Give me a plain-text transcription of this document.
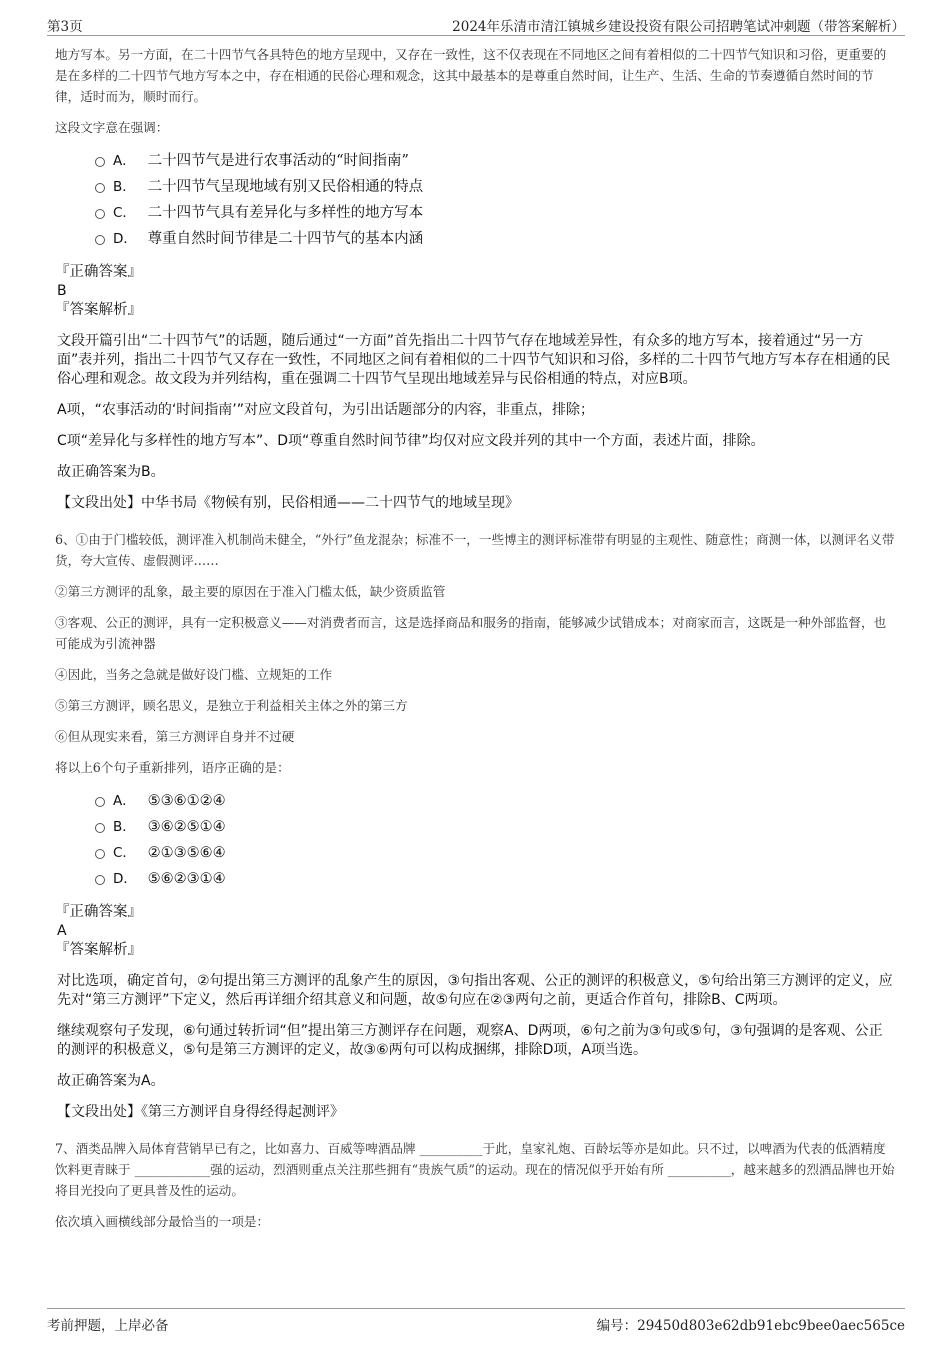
第3页	2024年乐清市清江镇城乡建设投资有限公司招聘笔试冲刺题（带答案解析）

地方写本。另一方面，在二十四节气各具特色的地方呈现中，又存在一致性，这不仅表现在不同地区之间有着相似的二十四节气知识和习俗，更重要的是在多样的二十四节气地方写本之中，存在相通的民俗心理和观念，这其中最基本的是尊重自然时间，让生产、生活、生命的节奏遵循自然时间的节律，适时而为，顺时而行。

这段文字意在强调：

A． 二十四节气是进行农事活动的“时间指南”
B． 二十四节气呈现地域有别又民俗相通的特点
C． 二十四节气具有差异化与多样性的地方写本
D． 尊重自然时间节律是二十四节气的基本内涵

『正确答案』

B

『答案解析』

文段开篇引出“二十四节气”的话题，随后通过“一方面”首先指出二十四节气存在地域差异性，有众多的地方写本，接着通过“另一方面”表并列，指出二十四节气又存在一致性，不同地区之间有着相似的二十四节气知识和习俗，多样的二十四节气地方写本存在相通的民俗心理和观念。故文段为并列结构，重在强调二十四节气呈现出地域差异与民俗相通的特点，对应B项。

A项，“农事活动的‘时间指南’”对应文段首句，为引出话题部分的内容，非重点，排除；

C项“差异化与多样性的地方写本”、D项“尊重自然时间节律”均仅对应文段并列的其中一个方面，表述片面，排除。

故正确答案为B。

【文段出处】中华书局《物候有别，民俗相通——二十四节气的地域呈现》

6、①由于门槛较低，测评准入机制尚未健全，“外行”鱼龙混杂；标准不一，一些博主的测评标准带有明显的主观性、随意性；商测一体，以测评名义带货，夸大宣传、虚假测评……

②第三方测评的乱象，最主要的原因在于准入门槛太低，缺少资质监管

③客观、公正的测评，具有一定积极意义——对消费者而言，这是选择商品和服务的指南，能够减少试错成本；对商家而言，这既是一种外部监督，也可能成为引流神器

④因此，当务之急就是做好设门槛、立规矩的工作

⑤第三方测评，顾名思义，是独立于利益相关主体之外的第三方

⑥但从现实来看，第三方测评自身并不过硬

将以上6个句子重新排列，语序正确的是：

A． ⑤③⑥①②④
B． ③⑥②⑤①④
C． ②①③⑤⑥④
D． ⑤⑥②③①④

『正确答案』

A

『答案解析』

对比选项，确定首句，②句提出第三方测评的乱象产生的原因，③句指出客观、公正的测评的积极意义，⑤句给出第三方测评的定义，应先对“第三方测评”下定义，然后再详细介绍其意义和问题，故⑤句应在②③两句之前，更适合作首句，排除B、C两项。

继续观察句子发现，⑥句通过转折词“但”提出第三方测评存在问题，观察A、D两项，⑥句之前为③句或⑤句，③句强调的是客观、公正的测评的积极意义，⑤句是第三方测评的定义，故③⑥两句可以构成捆绑，排除D项，A项当选。

故正确答案为A。

【文段出处】《第三方测评自身得经得起测评》

7、酒类品牌入局体育营销早已有之，比如喜力、百威等啤酒品牌 __________于此，皇家礼炮、百龄坛等亦是如此。只不过，以啤酒为代表的低酒精度饮料更青睐于 ____________强的运动，烈酒则重点关注那些拥有“贵族气质”的运动。现在的情况似乎开始有所 __________，越来越多的烈酒品牌也开始将目光投向了更具普及性的运动。

依次填入画横线部分最恰当的一项是：

考前押题，上岸必备	编号：29450d803e62db91ebc9bee0aec565ce
